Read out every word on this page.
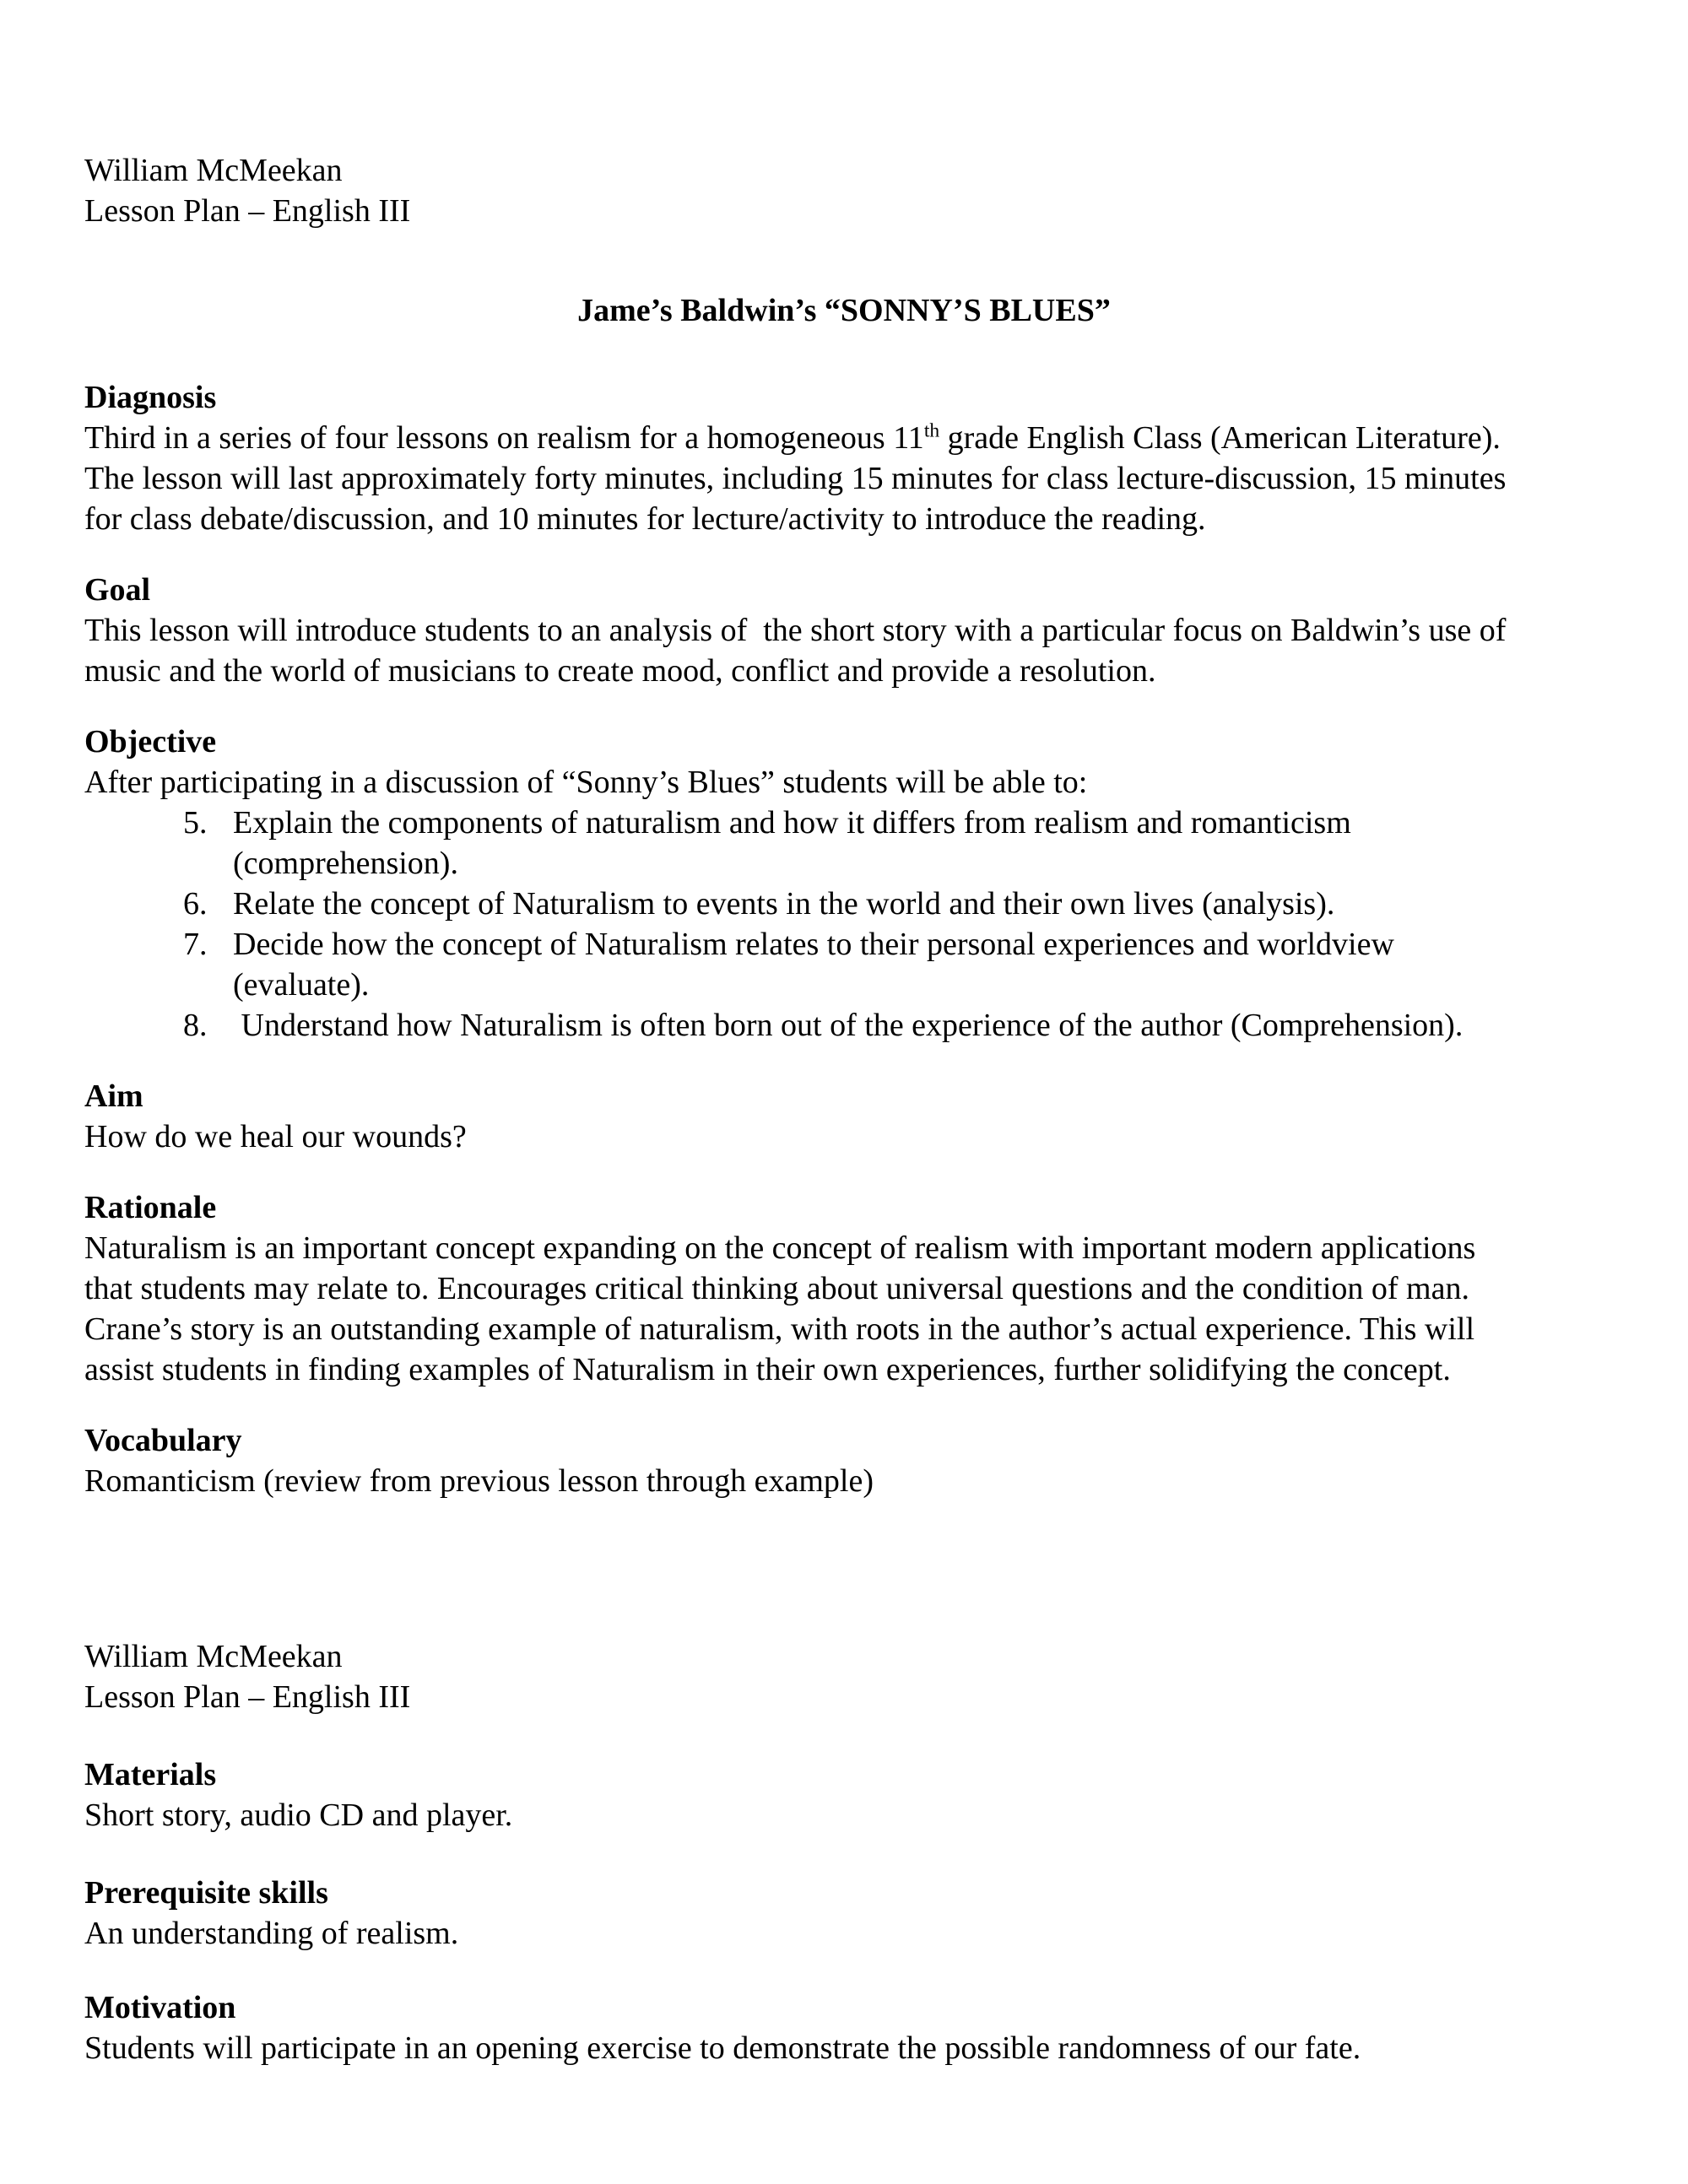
William McMeekan
Lesson Plan – English III
Jame’s Baldwin’s “SONNY’S BLUES”
Diagnosis
Third in a series of four lessons on realism for a homogeneous 11th grade English Class (American Literature).
The lesson will last approximately forty minutes, including 15 minutes for class lecture-discussion, 15 minutes
for class debate/discussion, and 10 minutes for lecture/activity to introduce the reading.
Goal
This lesson will introduce students to an analysis of  the short story with a particular focus on Baldwin’s use of
music and the world of musicians to create mood, conflict and provide a resolution.
Objective
After participating in a discussion of “Sonny’s Blues” students will be able to:
5. Explain the components of naturalism and how it differs from realism and romanticism
(comprehension).
6. Relate the concept of Naturalism to events in the world and their own lives (analysis).
7. Decide how the concept of Naturalism relates to their personal experiences and worldview
(evaluate).
8. Understand how Naturalism is often born out of the experience of the author (Comprehension).
Aim
How do we heal our wounds?
Rationale
Naturalism is an important concept expanding on the concept of realism with important modern applications
that students may relate to. Encourages critical thinking about universal questions and the condition of man.
Crane’s story is an outstanding example of naturalism, with roots in the author’s actual experience. This will
assist students in finding examples of Naturalism in their own experiences, further solidifying the concept.
Vocabulary
Romanticism (review from previous lesson through example)
William McMeekan
Lesson Plan – English III
Materials
Short story, audio CD and player.
Prerequisite skills
An understanding of realism.
Motivation
Students will participate in an opening exercise to demonstrate the possible randomness of our fate.
